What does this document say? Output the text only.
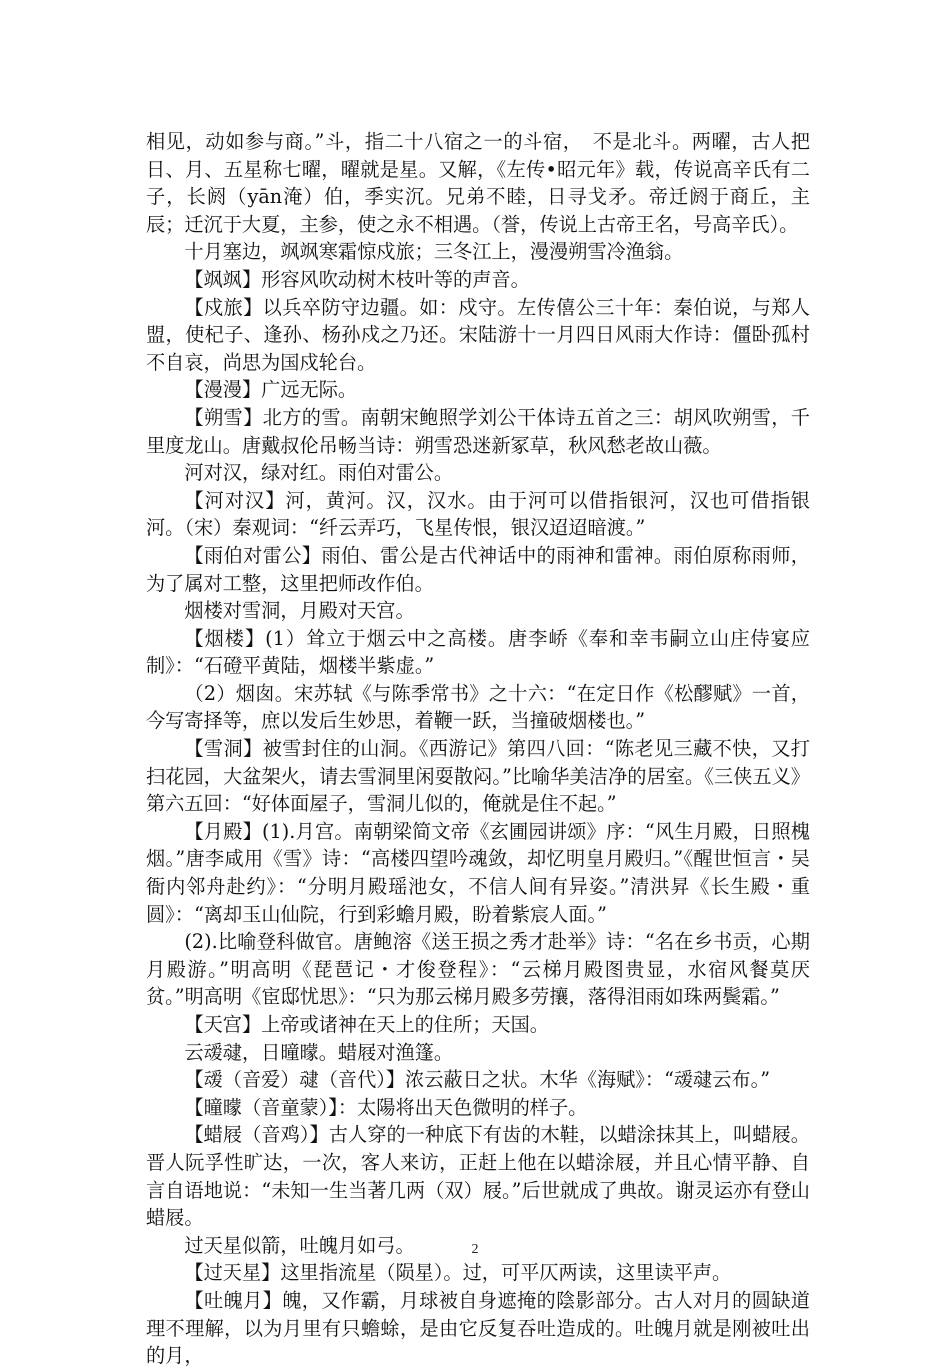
相见，动如参与商。”斗，指二十八宿之一的斗宿，　不是北斗。两曜，古人把日、月、五星称七曜，曜就是星。又解，《左传•昭元年》载，传说高辛氏有二子，长阏（yān淹）伯，季实沉。兄弟不睦，日寻戈矛。帝迁阏于商丘，主辰；迁沉于大夏，主参，使之永不相遇。（誉，传说上古帝王名，号高辛氏）。

十月塞边，飒飒寒霜惊戍旅；三冬江上，漫漫朔雪冷渔翁。

【飒飒】形容风吹动树木枝叶等的声音。

【戍旅】以兵卒防守边疆。如：戍守。左传僖公三十年：秦伯说，与郑人盟，使杞子、逢孙、杨孙戍之乃还。宋陆游十一月四日风雨大作诗：僵卧孤村不自哀，尚思为国戍轮台。

【漫漫】广远无际。

【朔雪】北方的雪。南朝宋鲍照学刘公干体诗五首之三：胡风吹朔雪，千里度龙山。唐戴叔伦吊畅当诗：朔雪恐迷新冢草，秋风愁老故山薇。

河对汉，绿对红。雨伯对雷公。

【河对汉】河，黄河。汉，汉水。由于河可以借指银河，汉也可借指银河。（宋）秦观词：“纤云弄巧，飞星传恨，银汉迢迢暗渡。”

【雨伯对雷公】雨伯、雷公是古代神话中的雨神和雷神。雨伯原称雨师，为了属对工整，这里把师改作伯。

烟楼对雪洞，月殿对天宫。

【烟楼】(1）耸立于烟云中之高楼。唐李峤《奉和幸韦嗣立山庄侍宴应制》：“石磴平黄陆，烟楼半紫虚。”

（2）烟囱。宋苏轼《与陈季常书》之十六：“在定日作《松醪赋》一首，今写寄择等，庶以发后生妙思，着鞭一跃，当撞破烟楼也。”

【雪洞】被雪封住的山洞。《西游记》第四八回：“陈老见三藏不快，又打扫花园，大盆架火，请去雪洞里闲耍散闷。”比喻华美洁净的居室。《三侠五义》第六五回：“好体面屋子，雪洞儿似的，俺就是住不起。”

【月殿】(1).月宫。南朝梁简文帝《玄圃园讲颂》序：“风生月殿，日照槐烟。”唐李咸用《雪》诗：“高楼四望吟魂敛，却忆明皇月殿归。”《醒世恒言・吴衙内邻舟赴约》：“分明月殿瑶池女，不信人间有异姿。”清洪昇《长生殿・重圆》：“离却玉山仙院，行到彩蟾月殿，盼着紫宸人面。”

(2).比喻登科做官。唐鲍溶《送王损之秀才赴举》诗：“名在乡书贡，心期月殿游。”明高明《琵琶记・才俊登程》：“云梯月殿图贵显，水宿风餐莫厌贫。”明高明《宦邸忧思》：“只为那云梯月殿多劳攘，落得泪雨如珠两鬓霜。”

【天宫】上帝或诸神在天上的住所；天国。

云叆叇，日曈曚。蜡屐对渔篷。

【叆（音爱）叇（音代）】浓云蔽日之状。木华《海赋》：“叆叇云布。”

【曈曚（音童蒙）】：太陽将出天色微明的样子。

【蜡屐（音鸡）】古人穿的一种底下有齿的木鞋，以蜡涂抹其上，叫蜡屐。晋人阮孚性旷达，一次，客人来访，正赶上他在以蜡涂屐，并且心情平静、自言自语地说：“未知一生当著几两（双）屐。”后世就成了典故。谢灵运亦有登山蜡屐。

过天星似箭，吐魄月如弓。

【过天星】这里指流星（陨星）。过，可平仄两读，这里读平声。

【吐魄月】魄，又作霸，月球被自身遮掩的陰影部分。古人对月的圆缺道理不理解，以为月里有只蟾蜍，是由它反复吞吐造成的。吐魄月就是刚被吐出的月，

2
